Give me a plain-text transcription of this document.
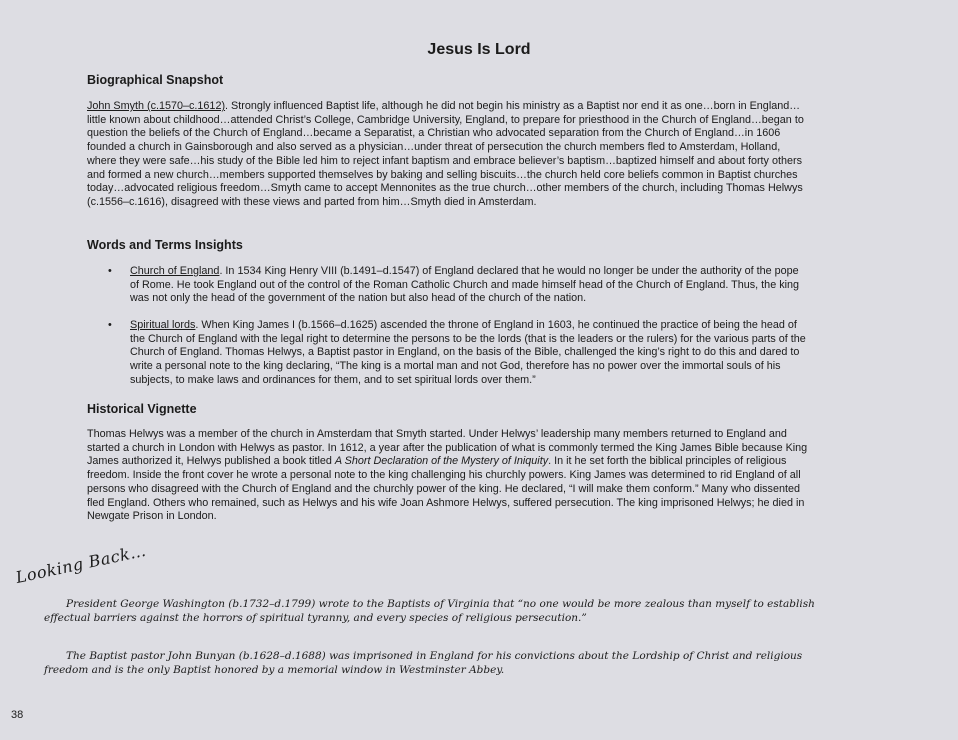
Jesus Is Lord
Biographical Snapshot

John Smyth (c.1570–c.1612). Strongly influenced Baptist life, although he did not begin his ministry as a Baptist nor end it as one…born in England…little known about childhood…attended Christ’s College, Cambridge University, England, to prepare for priesthood in the Church of England…began to question the beliefs of the Church of England…became a Separatist, a Christian who advocated separation from the Church of England…in 1606 founded a church in Gainsborough and also served as a physician…under threat of persecution the church members fled to Amsterdam, Holland, where they were safe…his study of the Bible led him to reject infant baptism and embrace believer’s baptism…baptized himself and about forty others and formed a new church…members supported themselves by baking and selling biscuits…the church held core beliefs common in Baptist churches today…advocated religious freedom…Smyth came to accept Mennonites as the true church…other members of the church, including Thomas Helwys (c.1556–c.1616), disagreed with these views and parted from him…Smyth died in Amsterdam.

Words and Terms Insights
• Church of England. In 1534 King Henry VIII (b.1491–d.1547) of England declared that he would no longer be under the authority of the pope of Rome. He took England out of the control of the Roman Catholic Church and made himself head of the Church of England. Thus, the king was not only the head of the government of the nation but also head of the church of the nation.
• Spiritual lords. When King James I (b.1566–d.1625) ascended the throne of England in 1603, he continued the practice of being the head of the Church of England with the legal right to determine the persons to be the lords (that is the leaders or the rulers) for the various parts of the Church of England. Thomas Helwys, a Baptist pastor in England, on the basis of the Bible, challenged the king’s right to do this and dared to write a personal note to the king declaring, “The king is a mortal man and not God, therefore has no power over the immortal souls of his subjects, to make laws and ordinances for them, and to set spiritual lords over them.”
Historical Vignette

Thomas Helwys was a member of the church in Amsterdam that Smyth started. Under Helwys’ leadership many members returned to England and started a church in London with Helwys as pastor. In 1612, a year after the publication of what is commonly termed the King James Bible because King James authorized it, Helwys published a book titled A Short Declaration of the Mystery of Iniquity. In it he set forth the biblical principles of religious freedom. Inside the front cover he wrote a personal note to the king challenging his churchly powers. King James was determined to rid England of all persons who disagreed with the Church of England and the churchly power of the king. He declared, “I will make them conform.” Many who dissented fled England. Others who remained, such as Helwys and his wife Joan Ashmore Helwys, suffered persecution. The king imprisoned Helwys; he died in Newgate Prison in London.

Looking Back…

President George Washington (b.1732–d.1799) wrote to the Baptists of Virginia that “no one would be more zealous than myself to establish effectual barriers against the horrors of spiritual tyranny, and every species of religious persecution.”

The Baptist pastor John Bunyan (b.1628–d.1688) was imprisoned in England for his convictions about the Lordship of Christ and religious freedom and is the only Baptist honored by a memorial window in Westminster Abbey.

38
